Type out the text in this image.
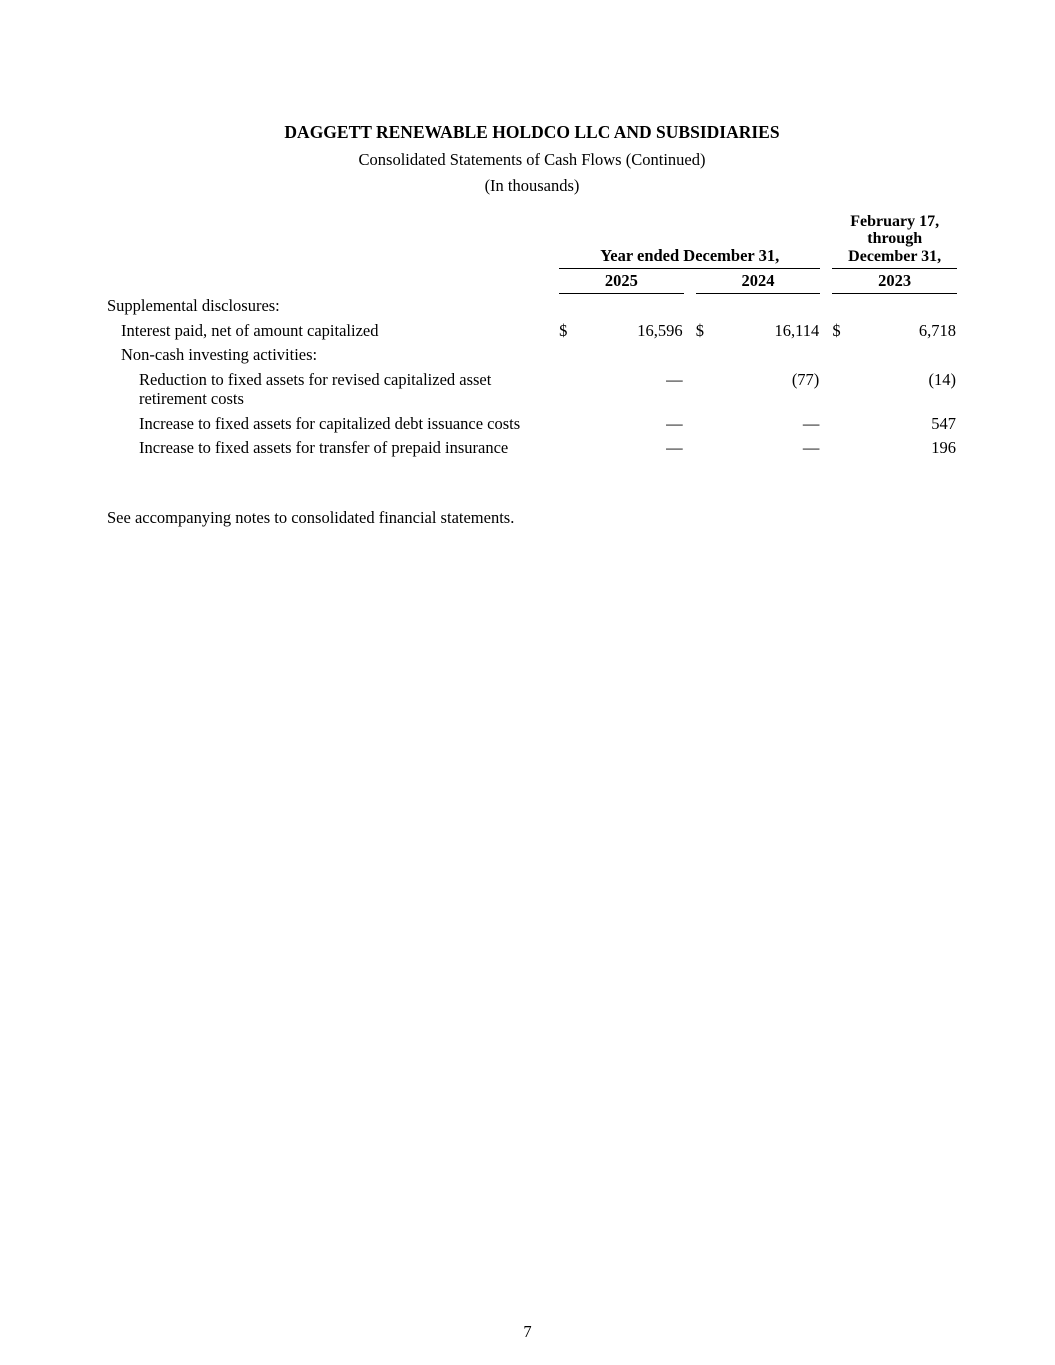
DAGGETT RENEWABLE HOLDCO LLC AND SUBSIDIARIES
Consolidated Statements of Cash Flows (Continued)
(In thousands)
	Year ended December 31,						February 17,
through
December 31,	

	2025			2024			2023	
Supplemental disclosures:								
Interest paid, net of amount capitalized	$	16,596		$	16,114		$	6,718
Non-cash investing activities:								
Reduction to fixed assets for revised capitalized asset retirement costs		—			(77)			(14)
Increase to fixed assets for capitalized debt issuance costs		—			—			547
Increase to fixed assets for transfer of prepaid insurance		—			—			196
See accompanying notes to consolidated financial statements.
7
